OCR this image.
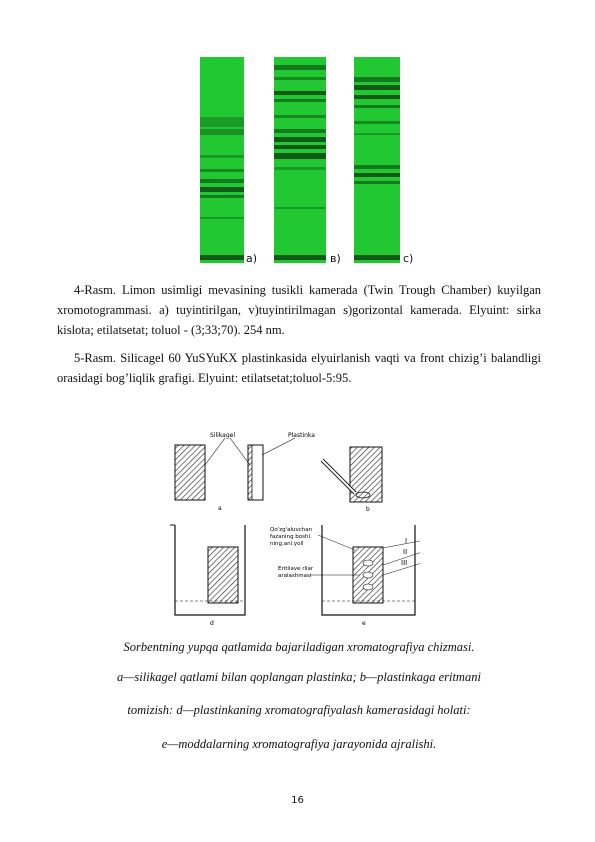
a)	в)	c)

4-Rasm. Limon usimligi mevasining tusikli kamerada (Twin Trough Chamber) kuyilgan xromotogrammasi. a) tuyintirilgan, v)tuyintirilmagan s)gorizontal kamerada. Elyuint: sirka kislota; etilatsetat; toluol - (3;33;70). 254 nm.

5-Rasm. Silicagel 60 YuSYuKX plastinkasida elyuirlanish vaqti va front chizig’i balandligi orasidagi bog’liqlik grafigi. Elyuint: etilatsetat;toluol-5:95.

Silikagel	Plastinka
a	b
d
I
II
III
e
Qo'zg'aluvchan
fazaning boshl.
ning.ani.yoll
Eritilave rilar
aralashmasi
Sorbentning yupqa qatlamida bajariladigan xromatografiya chizmasi.
a—silikagel qatlami bilan qoplangan plastinka; b—plastinkaga eritmani
tomizish: d—plastinkaning xromatografiyalash kamerasidagi holati:
e—moddalarning xromatografiya jarayonida ajralishi.
16
